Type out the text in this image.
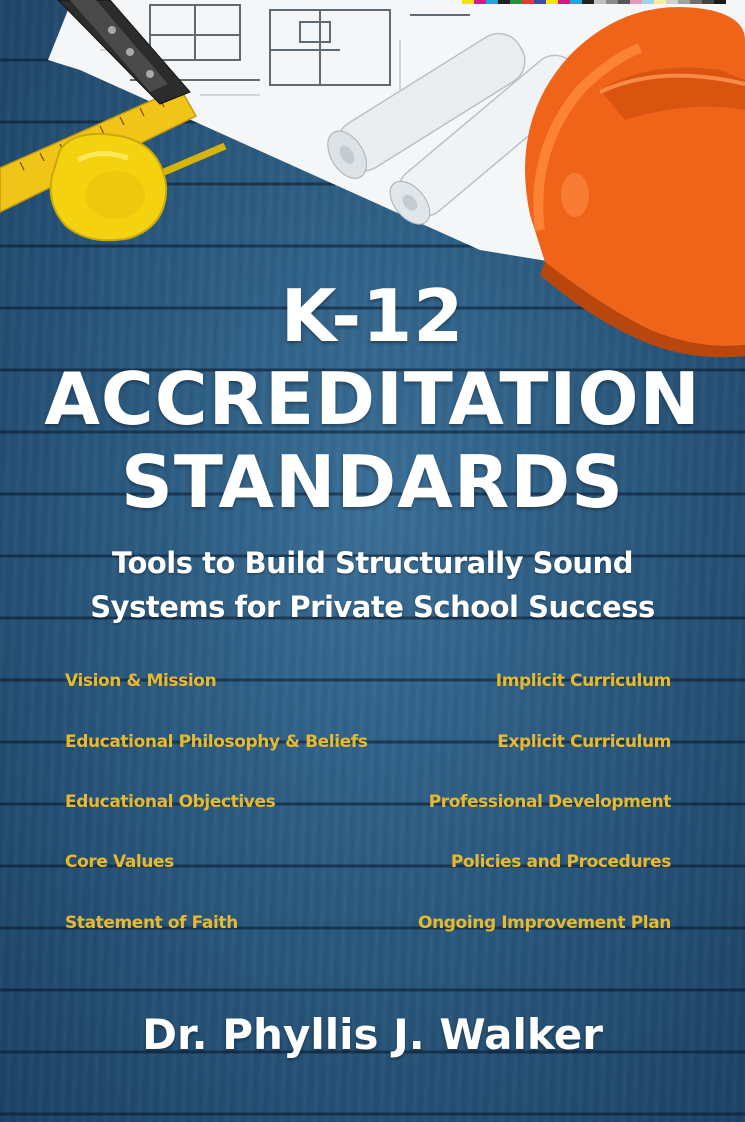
K-12
ACCREDITATION
STANDARDS
Tools to Build Structurally Sound
Systems for Private School Success
Vision & Mission
Educational Philosophy & Beliefs
Educational Objectives
Core Values
Statement of Faith
Implicit Curriculum
Explicit Curriculum
Professional Development
Policies and Procedures
Ongoing Improvement Plan
Dr. Phyllis J. Walker
